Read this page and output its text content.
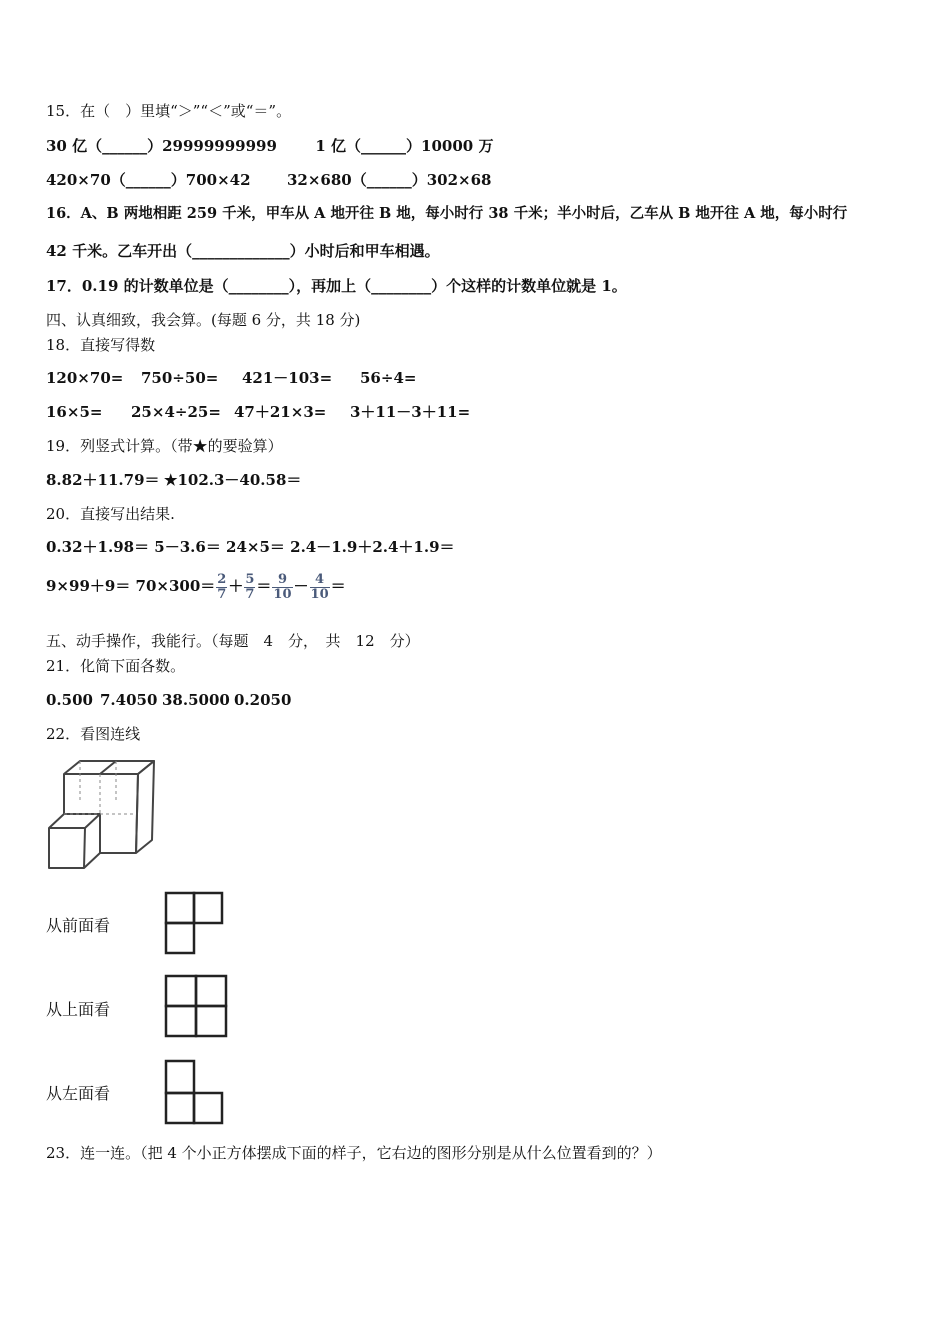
15．在（　）里填“＞”“＜”或“＝”。
30 亿（______）29999999999	1 亿（______）10000 万
420×70（______）700×42 32×680（______）302×68
16．A、B 两地相距 259 千米，甲车从 A 地开往 B 地，每小时行 38 千米；半小时后，乙车从 B 地开往 A 地，每小时行
42 千米。乙车开出（_____________）小时后和甲车相遇。
17．0.19 的计数单位是（________），再加上（________）个这样的计数单位就是 1。
四、认真细致，我会算。(每题 6 分，共 18 分)
18．直接写得数
120×70= 750÷50= 421－103= 56÷4=
16×5= 25×4÷25= 47＋21×3= 3＋11－3＋11=
19．列竖式计算。（带★的要验算）
8.82＋11.79＝ ★102.3－40.58＝
20．直接写出结果.
0.32＋1.98＝ 5－3.6＝ 24×5＝ 2.4－1.9＋2.4＋1.9＝
$9\times 99+9= 70\times 300= \frac{2}{7} + \frac{5}{7} = \frac{9}{10} - \frac{4}{10}$ ＝
五、动手操作，我能行。（每题　4　分，　共　12　分）
21．化简下面各数。
0.500 7.4050 38.5000 0.2050
22．看图连线
从前面看
从上面看
从左面看
23．连一连。（把 4 个小正方体摆成下面的样子，它右边的图形分别是从什么位置看到的？）
